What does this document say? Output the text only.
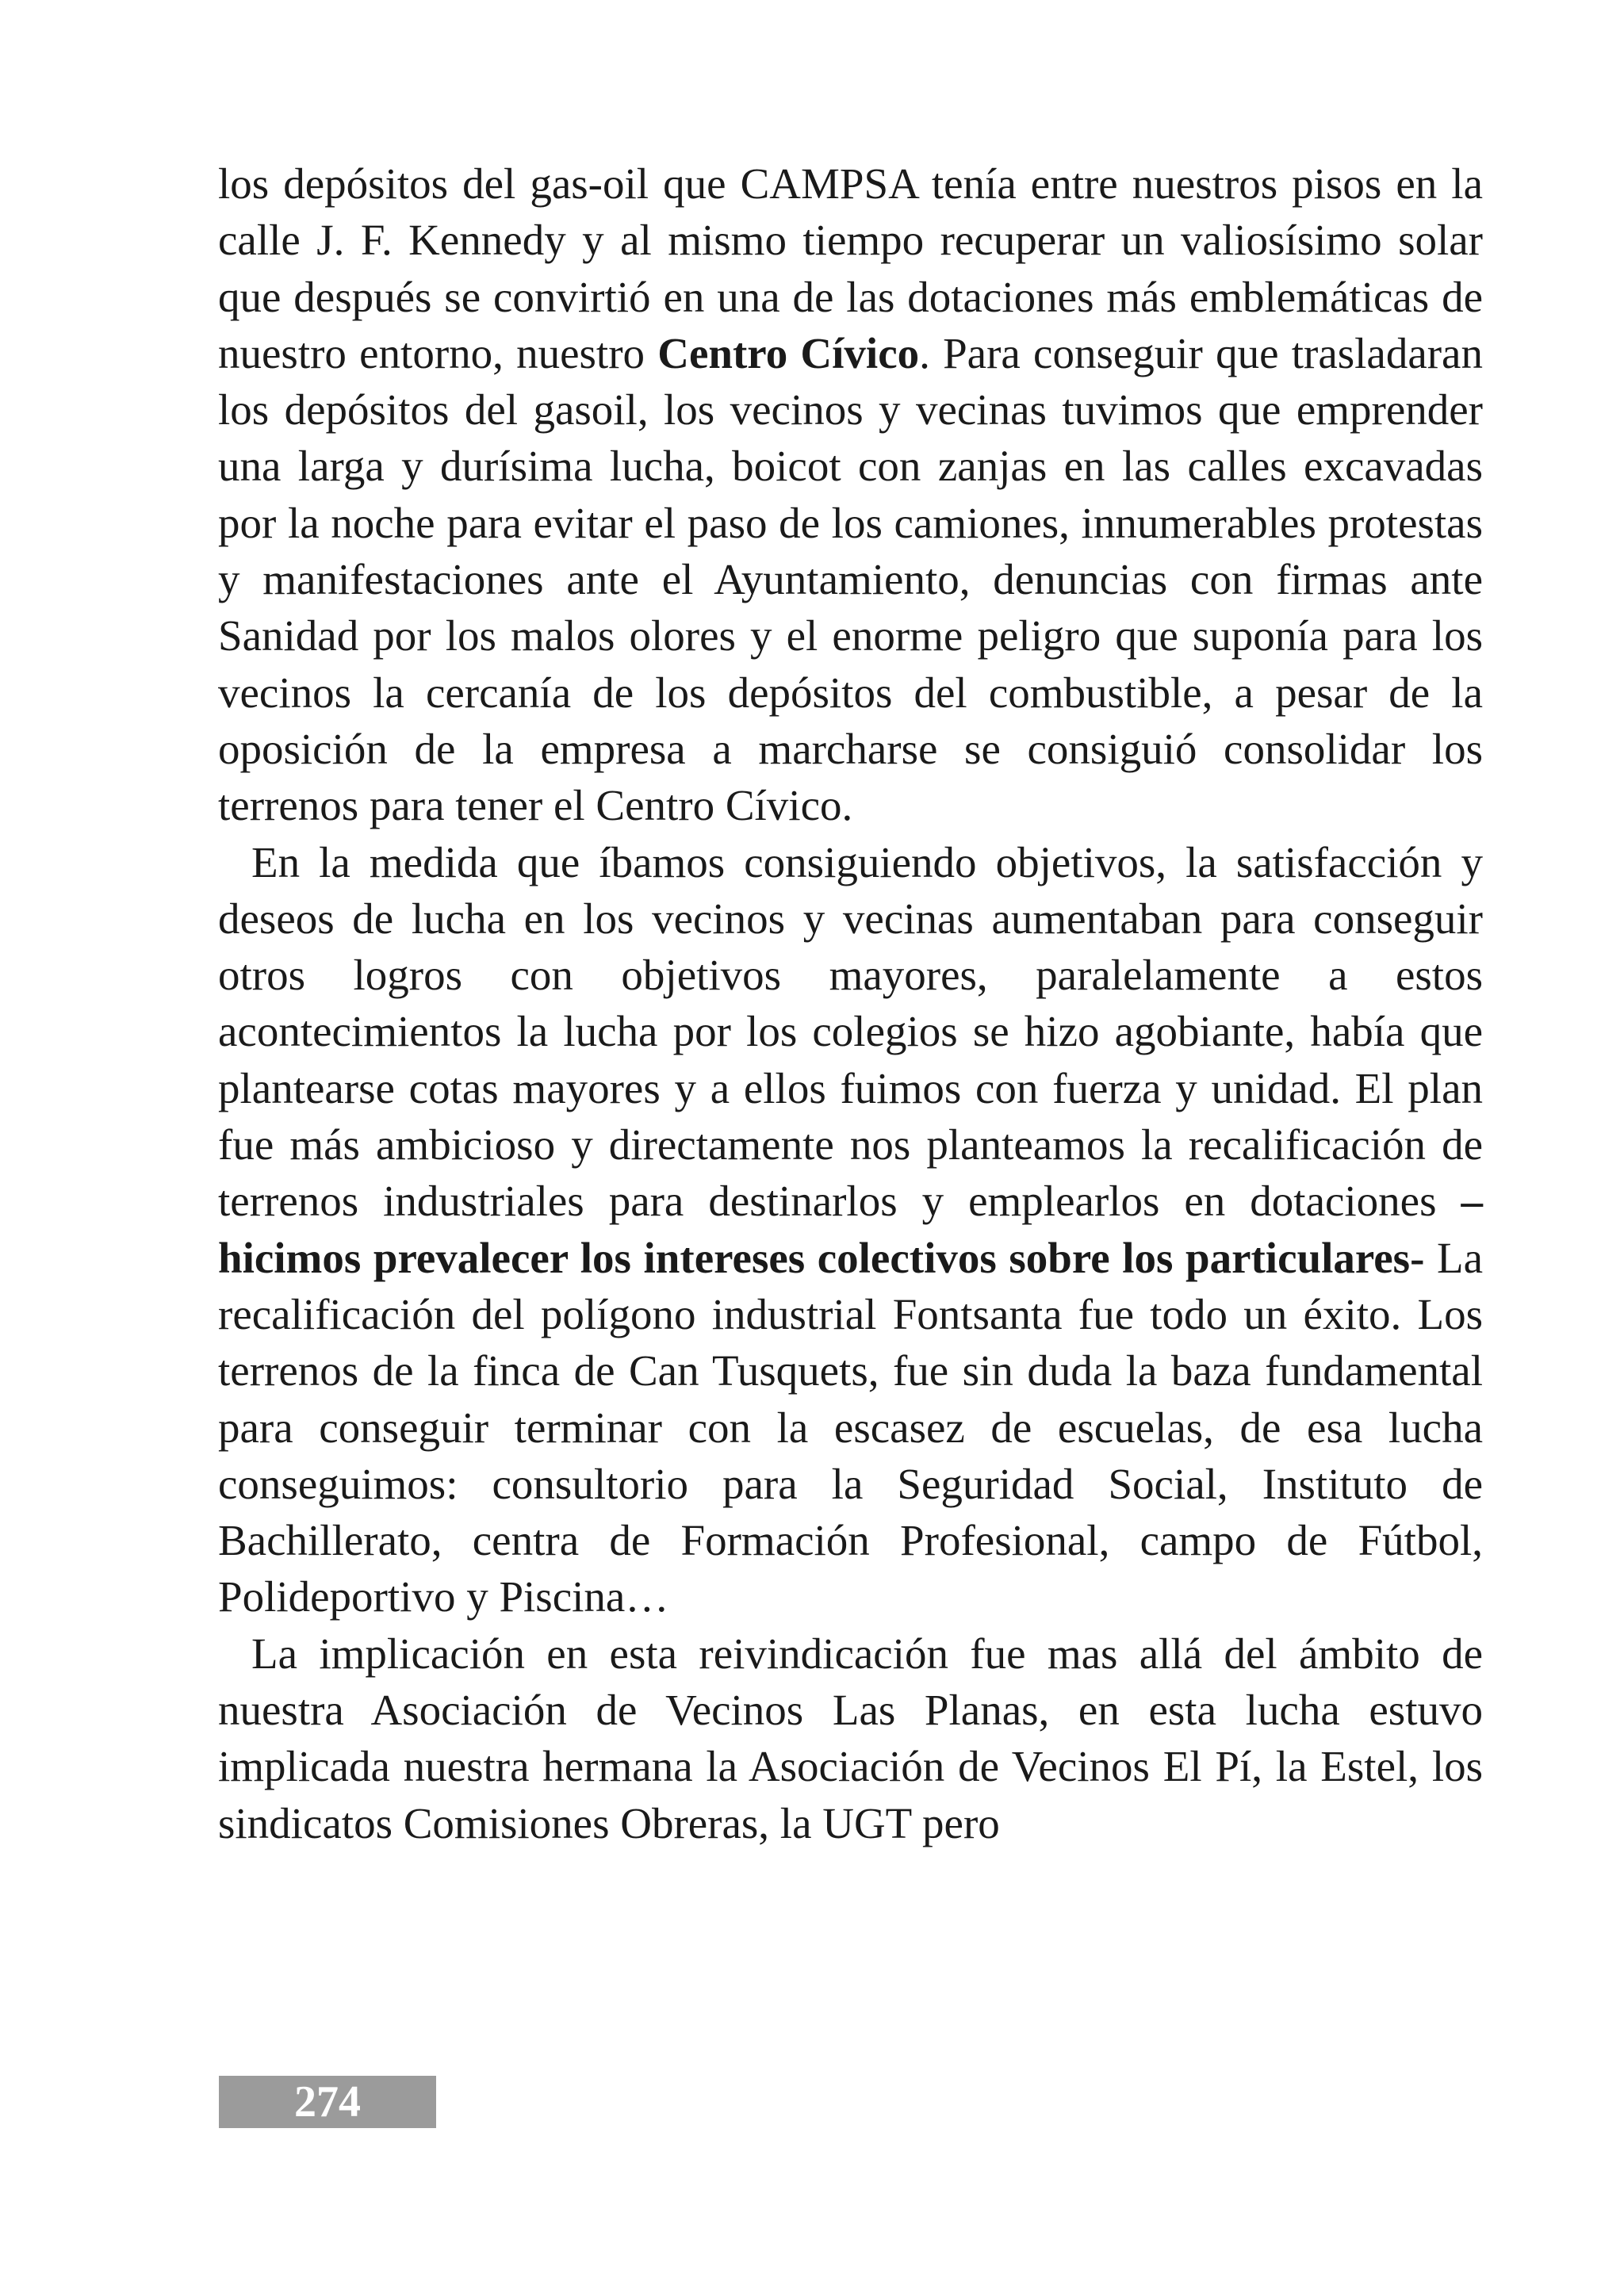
los depósitos del gas-oil que CAMPSA tenía entre nuestros pisos en la calle J. F. Kennedy y al mismo tiempo recuperar un valiosísimo solar que después se convirtió en una de las dotaciones más emblemáticas de nuestro entorno, nuestro Centro Cívico. Para conseguir que trasladaran los depósitos del gasoil, los vecinos y vecinas tuvimos que emprender una larga y durísima lucha, boicot con zanjas en las calles excavadas por la noche para evitar el paso de los camiones, innumerables protestas y manifestaciones ante el Ayuntamiento, denuncias con firmas ante Sanidad por los malos olores y el enorme peligro que suponía para los vecinos la cercanía de los depósitos del combustible, a pesar de la oposición de la empresa a marcharse se consiguió consolidar los terrenos para tener el Centro Cívico.

En la medida que íbamos consiguiendo objetivos, la satisfacción y deseos de lucha en los vecinos y vecinas aumentaban para conseguir otros logros con objetivos mayores, paralelamente a estos acontecimientos la lucha por los colegios se hizo agobiante, había que plantearse cotas mayores y a ellos fuimos con fuerza y unidad. El plan fue más ambicioso y directamente nos planteamos la recalificación de terrenos industriales para destinarlos y emplearlos en dotaciones –hicimos prevalecer los intereses colectivos sobre los particulares- La recalificación del polígono industrial Fontsanta fue todo un éxito. Los terrenos de la finca de Can Tusquets, fue sin duda la baza fundamental para conseguir terminar con la escasez de escuelas, de esa lucha conseguimos: consultorio para la Seguridad Social, Instituto de Bachillerato, centra de Formación Profesional, campo de Fútbol, Polideportivo y Piscina…

La implicación en esta reivindicación fue mas allá del ámbito de nuestra Asociación de Vecinos Las Planas, en esta lucha estuvo implicada nuestra hermana la Asociación de Vecinos El Pí, la Estel, los sindicatos Comisiones Obreras, la UGT pero

274
